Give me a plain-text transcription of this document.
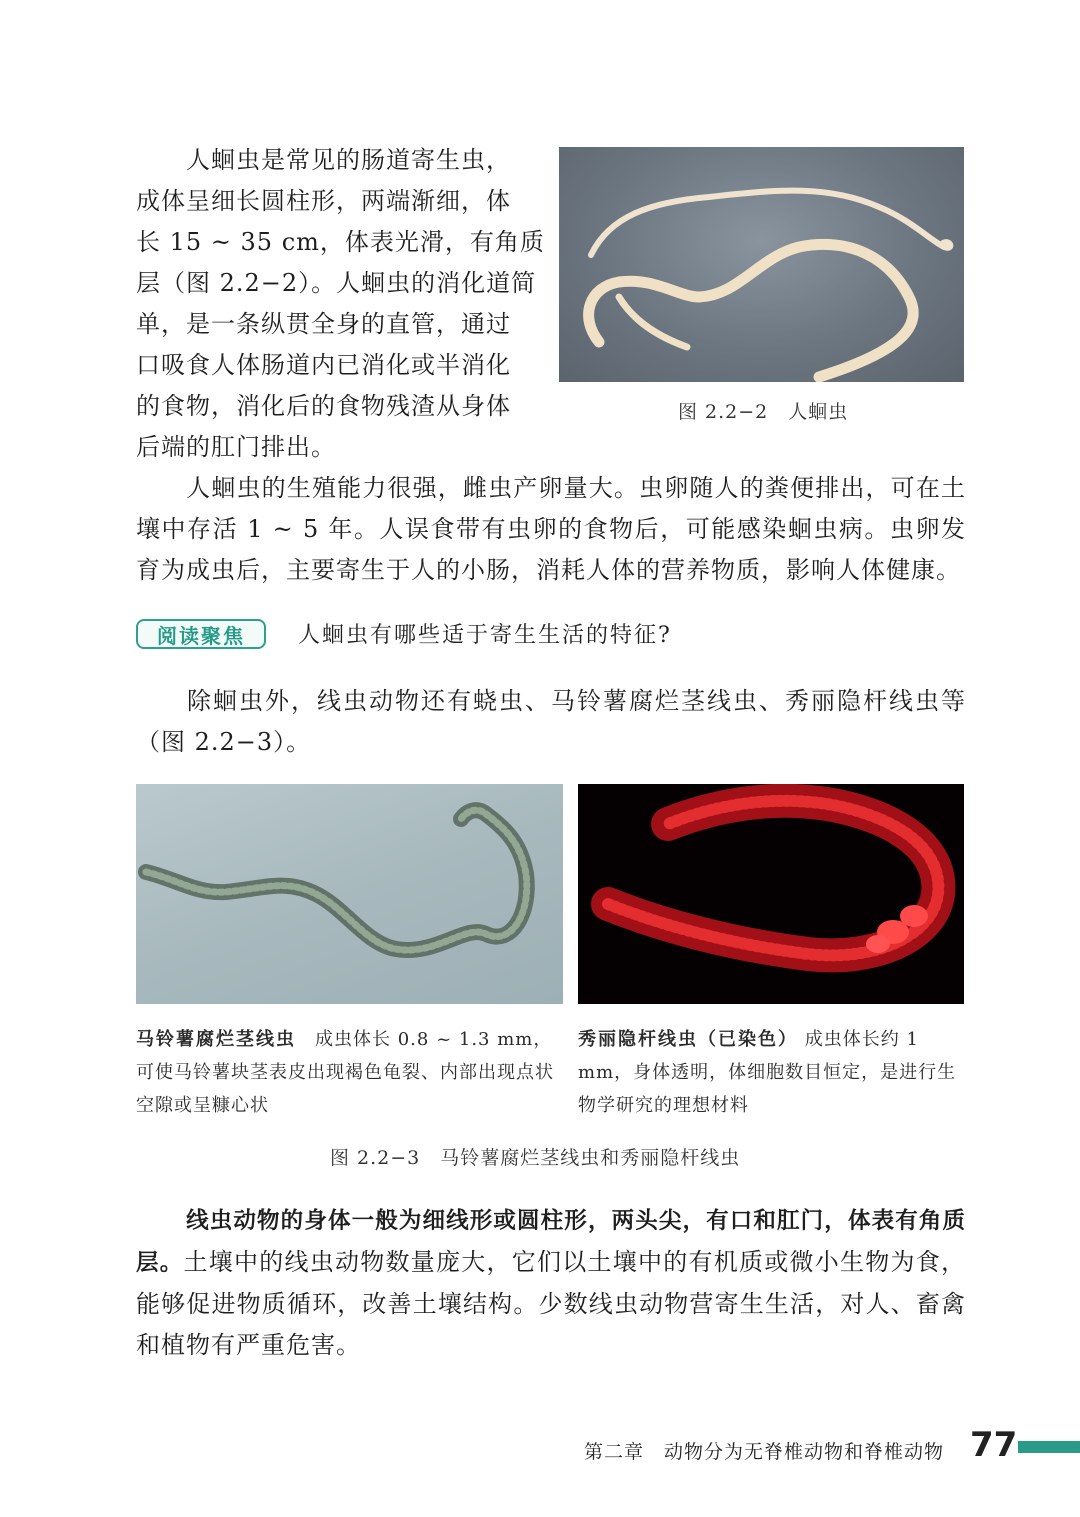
人蛔虫是常见的肠道寄生虫，
成体呈细长圆柱形，两端渐细，体
长 15 ~ 35 cm，体表光滑，有角质
层（图 2.2−2）。人蛔虫的消化道简
单，是一条纵贯全身的直管，通过
口吸食人体肠道内已消化或半消化
的食物，消化后的食物残渣从身体
后端的肛门排出。
图 2.2−2　人蛔虫

人蛔虫的生殖能力很强，雌虫产卵量大。虫卵随人的粪便排出，可在土壤中存活 1 ~ 5 年。人误食带有虫卵的食物后，可能感染蛔虫病。虫卵发育为成虫后，主要寄生于人的小肠，消耗人体的营养物质，影响人体健康。

阅读聚焦	人蛔虫有哪些适于寄生生活的特征?

除蛔虫外，线虫动物还有蛲虫、马铃薯腐烂茎线虫、秀丽隐杆线虫等（图 2.2−3）。

马铃薯腐烂茎线虫　 成虫体长 0.8 ~ 1.3 mm，可使马铃薯块茎表皮出现褐色龟裂、内部出现点状空隙或呈糠心状

秀丽隐杆线虫（已染色） 成虫体长约 1 mm，身体透明，体细胞数目恒定，是进行生物学研究的理想材料

图 2.2−3　马铃薯腐烂茎线虫和秀丽隐杆线虫

线虫动物的身体一般为细线形或圆柱形，两头尖，有口和肛门，体表有角质层。土壤中的线虫动物数量庞大，它们以土壤中的有机质或微小生物为食，能够促进物质循环，改善土壤结构。少数线虫动物营寄生生活，对人、畜禽和植物有严重危害。

第二章　动物分为无脊椎动物和脊椎动物 77
